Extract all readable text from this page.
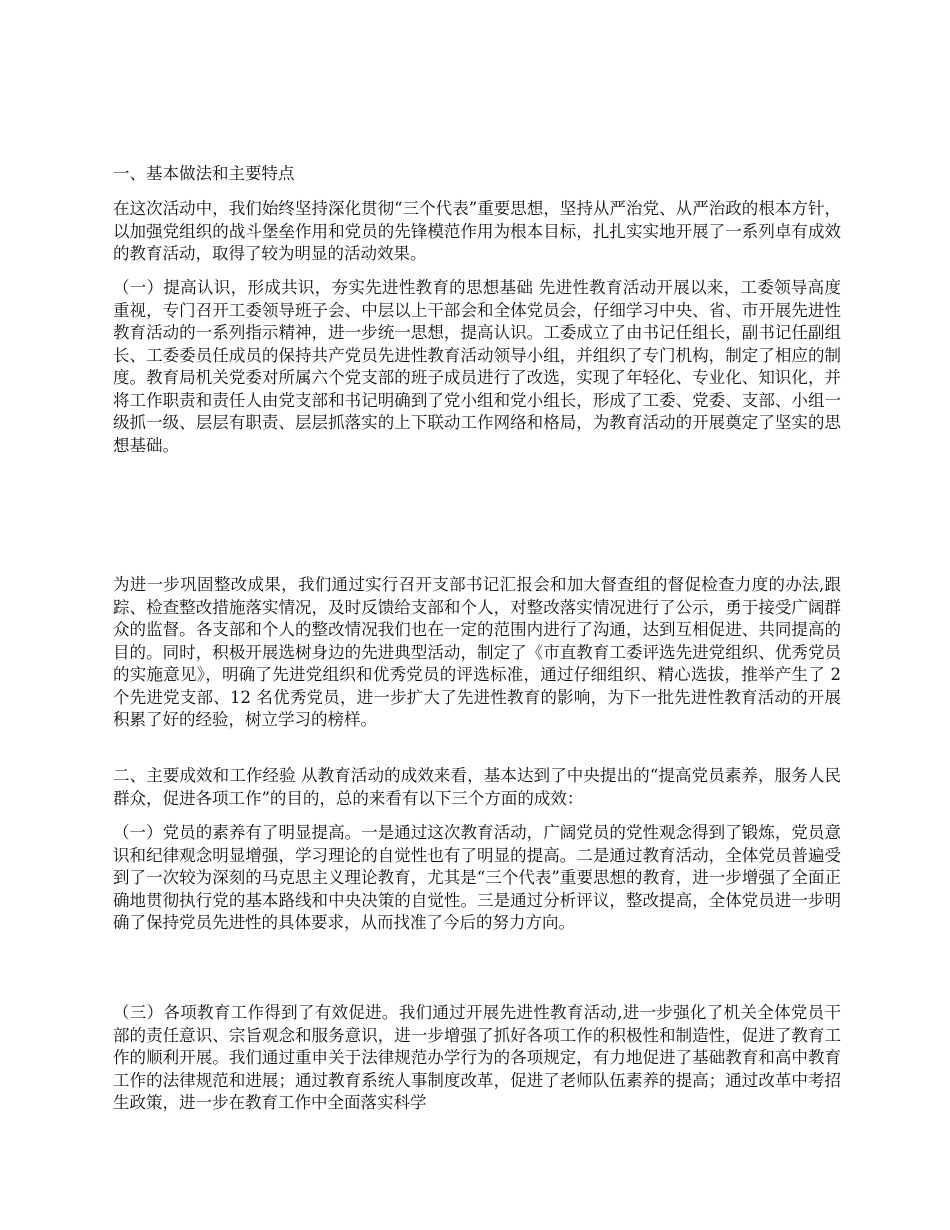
一、基本做法和主要特点

在这次活动中，我们始终坚持深化贯彻“三个代表”重要思想，坚持从严治党、从严治政的根本方针，以加强党组织的战斗堡垒作用和党员的先锋模范作用为根本目标，扎扎实实地开展了一系列卓有成效的教育活动，取得了较为明显的活动效果。

（一）提高认识，形成共识，夯实先进性教育的思想基础 先进性教育活动开展以来，工委领导高度重视，专门召开工委领导班子会、中层以上干部会和全体党员会，仔细学习中央、省、市开展先进性教育活动的一系列指示精神，进一步统一思想，提高认识。工委成立了由书记任组长，副书记任副组长、工委委员任成员的保持共产党员先进性教育活动领导小组，并组织了专门机构，制定了相应的制度。教育局机关党委对所属六个党支部的班子成员进行了改选，实现了年轻化、专业化、知识化，并将工作职责和责任人由党支部和书记明确到了党小组和党小组长，形成了工委、党委、支部、小组一级抓一级、层层有职责、层层抓落实的上下联动工作网络和格局，为教育活动的开展奠定了坚实的思想基础。

为进一步巩固整改成果，我们通过实行召开支部书记汇报会和加大督查组的督促检查力度的办法,跟踪、检查整改措施落实情况，及时反馈给支部和个人，对整改落实情况进行了公示，勇于接受广阔群众的监督。各支部和个人的整改情况我们也在一定的范围内进行了沟通，达到互相促进、共同提高的目的。同时，积极开展选树身边的先进典型活动，制定了《市直教育工委评选先进党组织、优秀党员的实施意见》，明确了先进党组织和优秀党员的评选标准，通过仔细组织、精心选拔，推举产生了 2 个先进党支部、12 名优秀党员，进一步扩大了先进性教育的影响，为下一批先进性教育活动的开展积累了好的经验，树立学习的榜样。

二、主要成效和工作经验 从教育活动的成效来看，基本达到了中央提出的“提高党员素养，服务人民群众，促进各项工作”的目的，总的来看有以下三个方面的成效：

（一）党员的素养有了明显提高。一是通过这次教育活动，广阔党员的党性观念得到了锻炼，党员意识和纪律观念明显增强，学习理论的自觉性也有了明显的提高。二是通过教育活动，全体党员普遍受到了一次较为深刻的马克思主义理论教育，尤其是“三个代表”重要思想的教育，进一步增强了全面正确地贯彻执行党的基本路线和中央决策的自觉性。三是通过分析评议，整改提高，全体党员进一步明确了保持党员先进性的具体要求，从而找准了今后的努力方向。

（三）各项教育工作得到了有效促进。我们通过开展先进性教育活动,进一步强化了机关全体党员干部的责任意识、宗旨观念和服务意识，进一步增强了抓好各项工作的积极性和制造性，促进了教育工作的顺利开展。我们通过重申关于法律规范办学行为的各项规定，有力地促进了基础教育和高中教育工作的法律规范和进展；通过教育系统人事制度改革，促进了老师队伍素养的提高；通过改革中考招生政策，进一步在教育工作中全面落实科学
